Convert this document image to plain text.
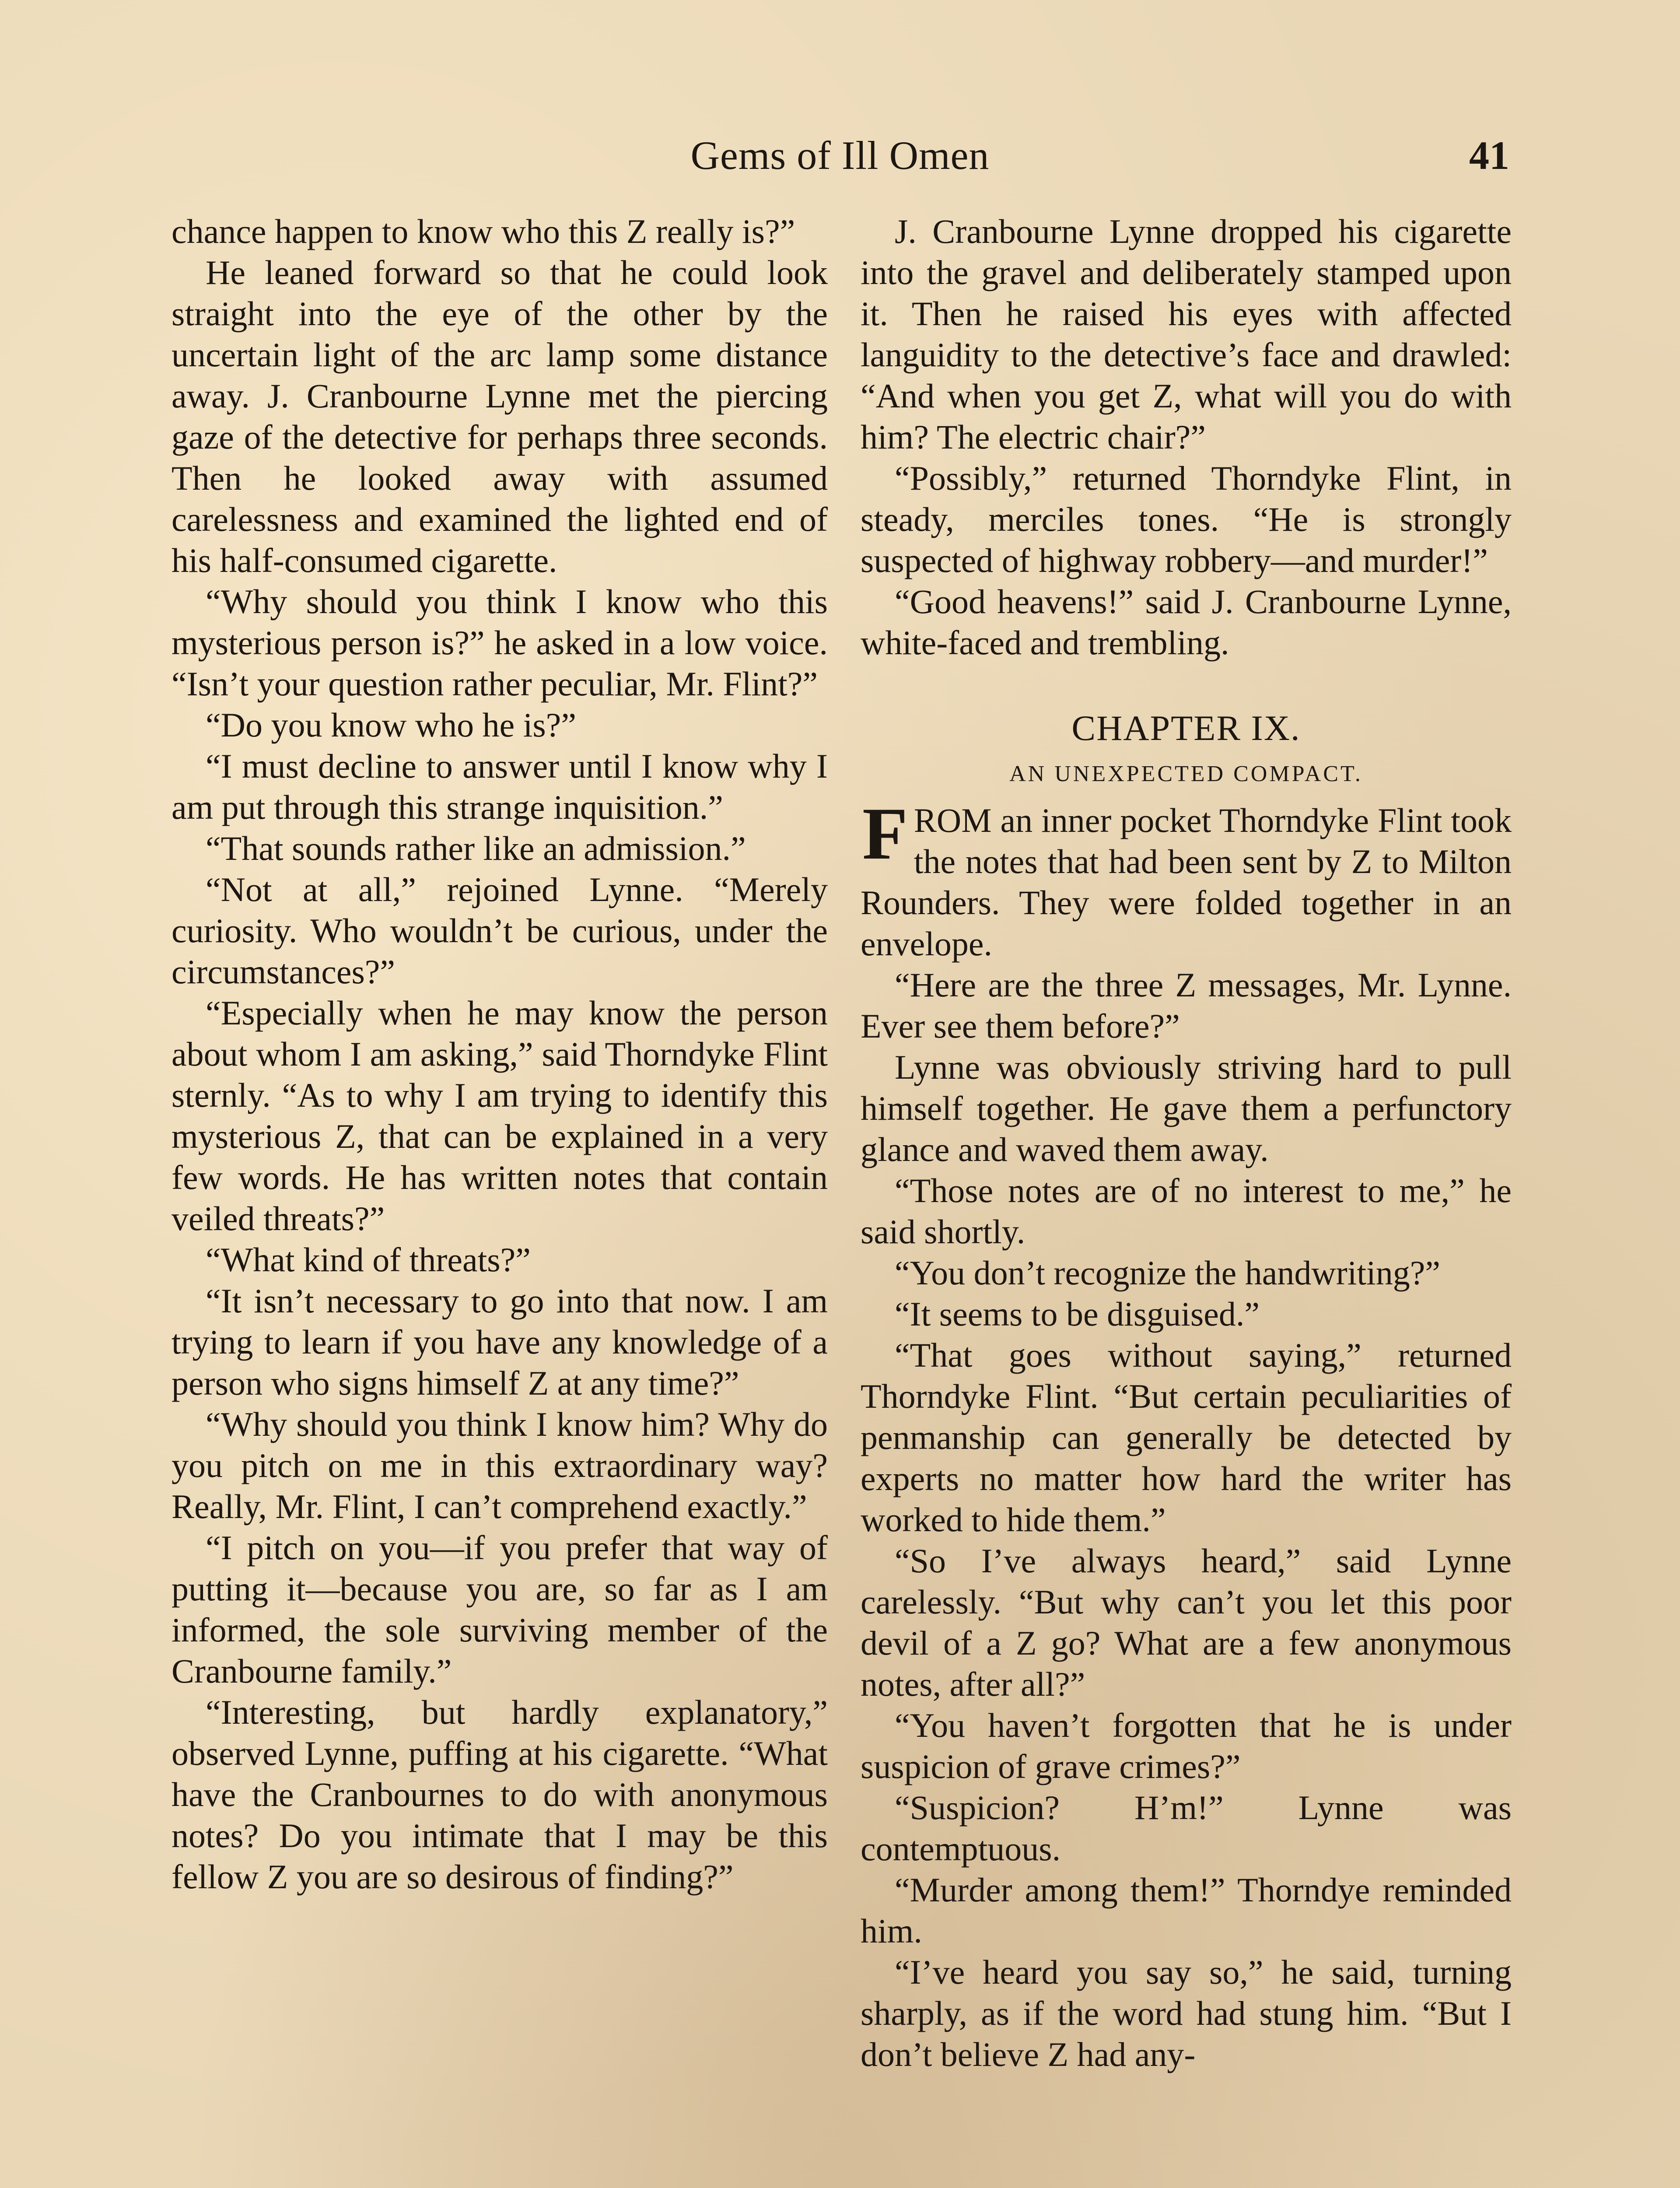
Gems of Ill Omen	41

chance happen to know who this Z really is?”

He leaned forward so that he could look straight into the eye of the other by the uncertain light of the arc lamp some distance away. J. Cranbourne Lynne met the piercing gaze of the detective for perhaps three seconds. Then he looked away with assumed carelessness and examined the lighted end of his half-consumed cigarette.

“Why should you think I know who this mysterious person is?” he asked in a low voice. “Isn’t your question rather peculiar, Mr. Flint?”

“Do you know who he is?”

“I must decline to answer until I know why I am put through this strange inquisition.”

“That sounds rather like an admission.”

“Not at all,” rejoined Lynne. “Merely curiosity. Who wouldn’t be curious, under the circumstances?”

“Especially when he may know the person about whom I am asking,” said Thorndyke Flint sternly. “As to why I am trying to identify this mysterious Z, that can be explained in a very few words. He has written notes that contain veiled threats?”

“What kind of threats?”

“It isn’t necessary to go into that now. I am trying to learn if you have any knowledge of a person who signs himself Z at any time?”

“Why should you think I know him? Why do you pitch on me in this extraordinary way? Really, Mr. Flint, I can’t comprehend exactly.”

“I pitch on you—if you prefer that way of putting it—because you are, so far as I am informed, the sole surviving member of the Cranbourne family.”

“Interesting, but hardly explanatory,” observed Lynne, puffing at his cigarette. “What have the Cranbournes to do with anonymous notes? Do you intimate that I may be this fellow Z you are so desirous of finding?”

J. Cranbourne Lynne dropped his cigarette into the gravel and deliberately stamped upon it. Then he raised his eyes with affected languidity to the detective’s face and drawled: “And when you get Z, what will you do with him? The electric chair?”

“Possibly,” returned Thorndyke Flint, in steady, merciles tones. “He is strongly suspected of highway robbery—and murder!”

“Good heavens!” said J. Cranbourne Lynne, white-faced and trembling.

CHAPTER IX.
AN UNEXPECTED COMPACT.

FROM an inner pocket Thorndyke Flint took the notes that had been sent by Z to Milton Rounders. They were folded together in an envelope.

“Here are the three Z messages, Mr. Lynne. Ever see them before?”

Lynne was obviously striving hard to pull himself together. He gave them a perfunctory glance and waved them away.

“Those notes are of no interest to me,” he said shortly.

“You don’t recognize the handwriting?”

“It seems to be disguised.”

“That goes without saying,” returned Thorndyke Flint. “But certain peculiarities of penmanship can generally be detected by experts no matter how hard the writer has worked to hide them.”

“So I’ve always heard,” said Lynne carelessly. “But why can’t you let this poor devil of a Z go? What are a few anonymous notes, after all?”

“You haven’t forgotten that he is under suspicion of grave crimes?”

“Suspicion? H’m!” Lynne was contemptuous.

“Murder among them!” Thorndye reminded him.

“I’ve heard you say so,” he said, turning sharply, as if the word had stung him. “But I don’t believe Z had any-
